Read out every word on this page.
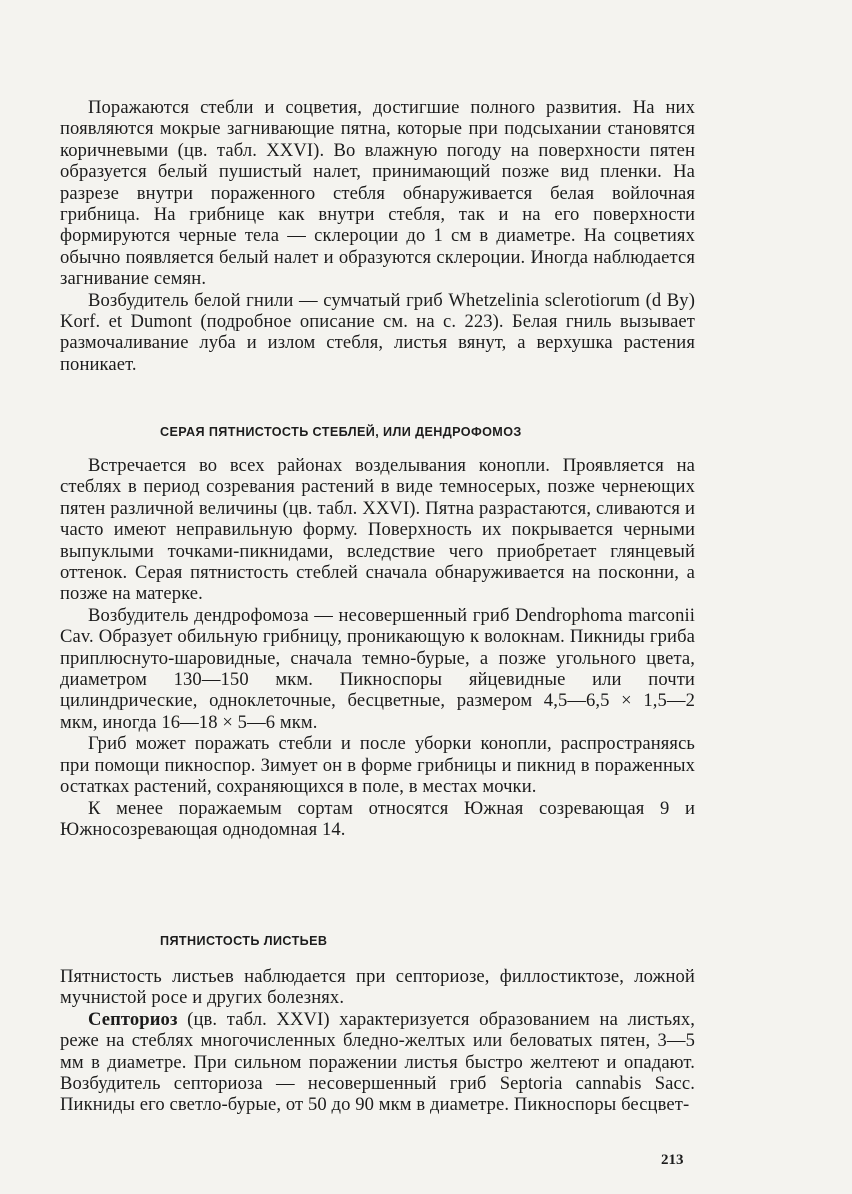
Поражаются стебли и соцветия, достигшие полного развития. На них появляются мокрые загнивающие пятна, которые при подсыхании становятся коричневыми (цв. табл. XXVI). Во влажную погоду на поверхности пятен образуется белый пушистый налет, принимающий позже вид пленки. На разрезе внутри пораженного стебля обнаруживается белая войлочная грибница. На грибнице как внутри стебля, так и на его поверхности формируются черные тела — склероции до 1 см в диаметре. На соцветиях обычно появляется белый налет и образуются склероции. Иногда наблюдается загнивание семян.

Возбудитель белой гнили — сумчатый гриб Whetzelinia sclerotiorum (d By) Korf. et Dumont (подробное описание см. на с. 223). Белая гниль вызывает размочаливание луба и излом стебля, листья вянут, а верхушка растения поникает.

СЕРАЯ ПЯТНИСТОСТЬ СТЕБЛЕЙ, ИЛИ ДЕНДРОФОМОЗ

Встречается во всех районах возделывания конопли. Проявляется на стеблях в период созревания растений в виде темносерых, позже чернеющих пятен различной величины (цв. табл. XXVI). Пятна разрастаются, сливаются и часто имеют неправильную форму. Поверхность их покрывается черными выпуклыми точками-пикнидами, вследствие чего приобретает глянцевый оттенок. Серая пятнистость стеблей сначала обнаруживается на посконни, а позже на матерке.

Возбудитель дендрофомоза — несовершенный гриб Dendrophoma marconii Cav. Образует обильную грибницу, проникающую к волокнам. Пикниды гриба приплюснуто-шаровидные, сначала темно-бурые, а позже угольного цвета, диаметром 130—150 мкм. Пикноспоры яйцевидные или почти цилиндрические, одноклеточные, бесцветные, размером 4,5—6,5 × 1,5—2 мкм, иногда 16—18 × 5—6 мкм.

Гриб может поражать стебли и после уборки конопли, распространяясь при помощи пикноспор. Зимует он в форме грибницы и пикнид в пораженных остатках растений, сохраняющихся в поле, в местах мочки.

К менее поражаемым сортам относятся Южная созревающая 9 и Южносозревающая однодомная 14.

ПЯТНИСТОСТЬ ЛИСТЬЕВ

Пятнистость листьев наблюдается при септориозе, филлостиктозе, ложной мучнистой росе и других болезнях.

Септориоз (цв. табл. XXVI) характеризуется образованием на листьях, реже на стеблях многочисленных бледно-желтых или беловатых пятен, 3—5 мм в диаметре. При сильном поражении листья быстро желтеют и опадают. Возбудитель септориоза — несовершенный гриб Septoria cannabis Sacc. Пикниды его светло-бурые, от 50 до 90 мкм в диаметре. Пикноспоры бесцвет-

213
